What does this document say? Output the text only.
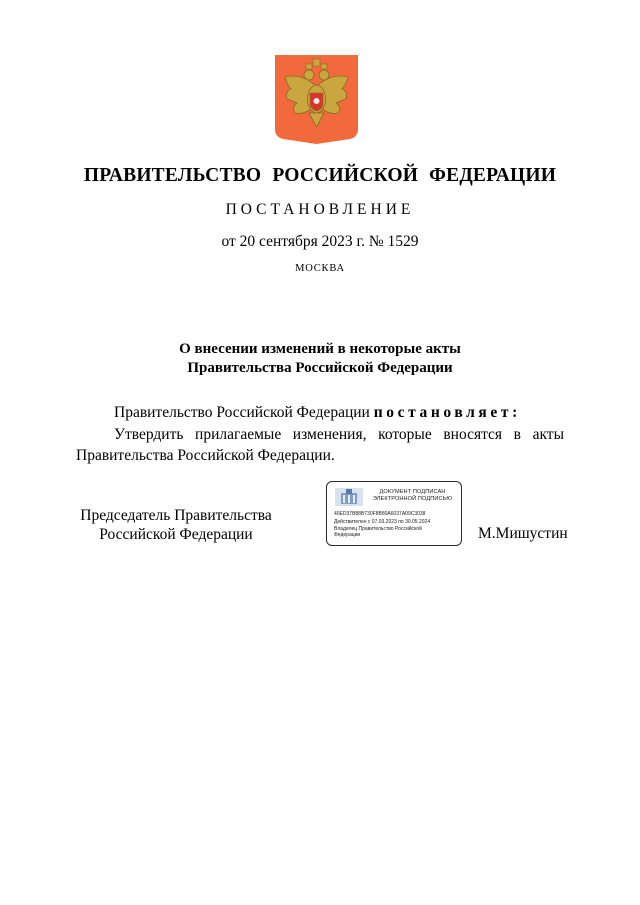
ПРАВИТЕЛЬСТВО РОССИЙСКОЙ ФЕДЕРАЦИИ
ПОСТАНОВЛЕНИЕ
от 20 сентября 2023 г. № 1529
МОСКВА
О внесении изменений в некоторые акты
Правительства Российской Федерации
Правительство Российской Федерации постановляет:
Утвердить прилагаемые изменения, которые вносятся в акты Правительства Российской Федерации.
Председатель Правительства
Российской Федерации
ДОКУМЕНТ ПОДПИСАН
ЭЛЕКТРОННОЙ ПОДПИСЬЮ
40ED37B88B730F8B80A6037A09C3038
Действителен с 07.03.2023 по 30.05.2024
Владелец Правительство Российской
Федерации	М.Мишустин
